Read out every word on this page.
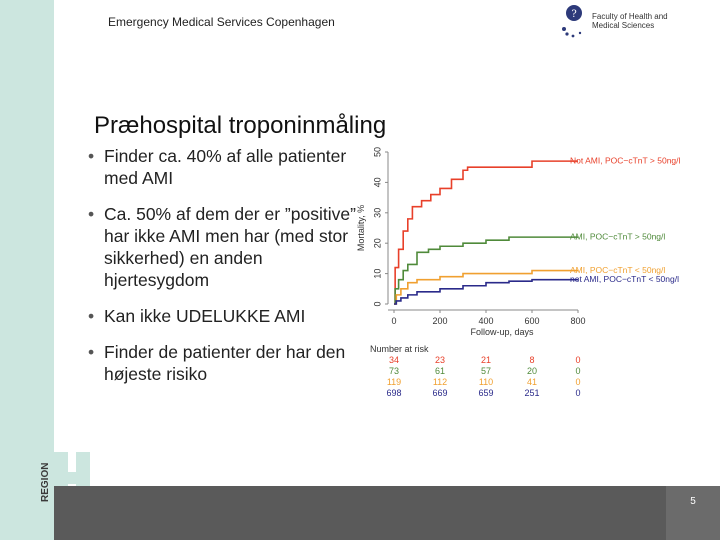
Emergency Medical Services Copenhagen
? Faculty of Health and
Medical Sciences
Præhospital troponinmåling
• Finder ca. 40% af alle patienter med AMI
• Ca. 50% af dem der er ”positive” har ikke AMI men har (med stor sikkerhed) en anden hjertesygdom
• Kan ikke UDELUKKE AMI
• Finder de patienter der har den højeste risiko
0
10
20
30
40
50
Mortality, %
0	200	400	600	800
Follow-up, days
Not AMI, POC−cTnT > 50ng/l
AMI, POC−cTnT > 50ng/l
AMI, POC−cTnT < 50ng/l
not AMI, POC−cTnT < 50ng/l
Number at risk
34	23	21	8	0
73	61	57	20	0
119	112	110	41	0
698	669	659	251	0
REGION	5
